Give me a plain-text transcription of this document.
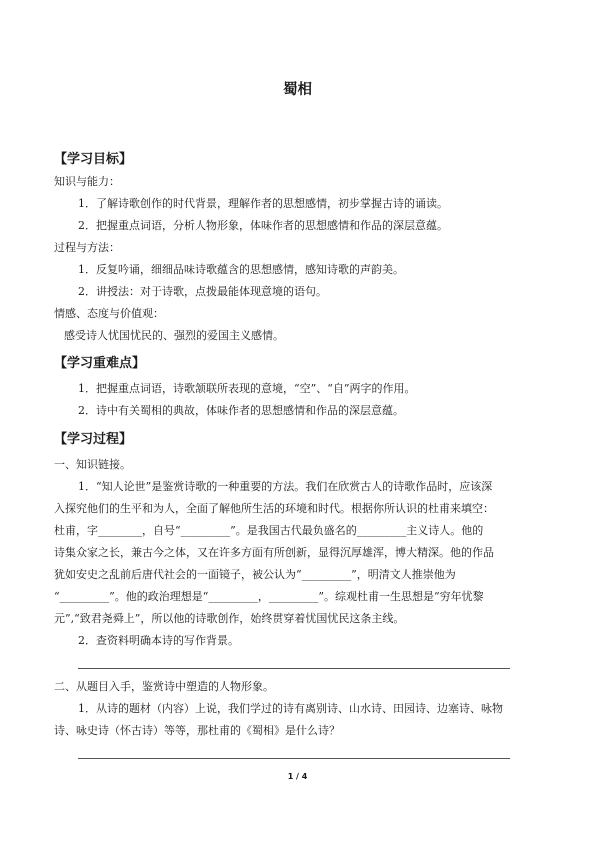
蜀相
【学习目标】
知识与能力：
1．了解诗歌创作的时代背景，理解作者的思想感情，初步掌握古诗的诵读。
2．把握重点词语，分析人物形象，体味作者的思想感情和作品的深层意蕴。
过程与方法：
1．反复吟诵，细细品味诗歌蕴含的思想感情，感知诗歌的声韵美。
2．讲授法：对于诗歌，点拨最能体现意境的语句。
情感、态度与价值观：
感受诗人忧国忧民的、强烈的爱国主义感情。
【学习重难点】
1．把握重点词语，诗歌颔联所表现的意境，“空”、“自”两字的作用。
2．诗中有关蜀相的典故，体味作者的思想感情和作品的深层意蕴。
【学习过程】
一、知识链接。
1．“知人论世”是鉴赏诗歌的一种重要的方法。我们在欣赏古人的诗歌作品时，应该深
入探究他们的生平和为人，全面了解他所生活的环境和时代。根据你所认识的杜甫来填空：
杜甫，字________，自号“_________”。是我国古代最负盛名的_________主义诗人。他的
诗集众家之长，兼古今之体，又在许多方面有所创新，显得沉厚雄浑，博大精深。他的作品
犹如安史之乱前后唐代社会的一面镜子，被公认为“_________”，明清文人推崇他为
“_________”。他的政治理想是“_________，_________”。综观杜甫一生思想是“穷年忧黎
元”,“致君尧舜上”，所以他的诗歌创作，始终贯穿着忧国忧民这条主线。
2．查资料明确本诗的写作背景。
二、从题目入手，鉴赏诗中塑造的人物形象。
1．从诗的题材（内容）上说，我们学过的诗有离别诗、山水诗、田园诗、边塞诗、咏物
诗、咏史诗（怀古诗）等等，那杜甫的《蜀相》是什么诗？
1 / 4
